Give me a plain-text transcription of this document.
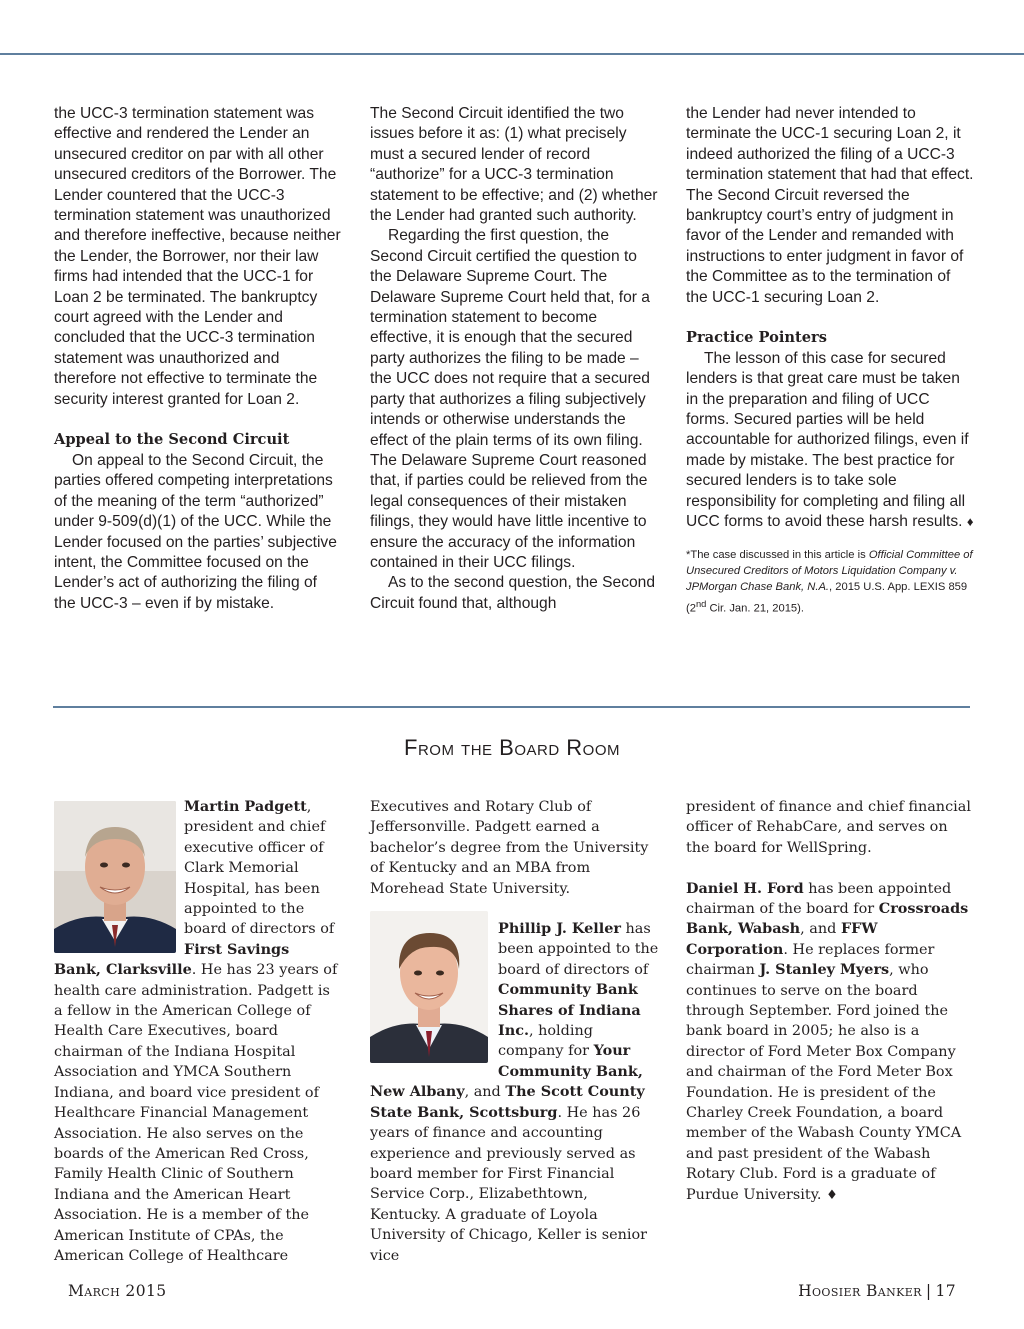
the UCC-3 termination statement was effective and rendered the Lender an unsecured creditor on par with all other unsecured creditors of the Borrower. The Lender countered that the UCC-3 termination statement was unauthorized and therefore ineffective, because neither the Lender, the Borrower, nor their law firms had intended that the UCC-1 for Loan 2 be terminated. The bankruptcy court agreed with the Lender and concluded that the UCC-3 termination statement was unauthorized and therefore not effective to terminate the security interest granted for Loan 2.

Appeal to the Second Circuit

On appeal to the Second Circuit, the parties offered competing interpretations of the meaning of the term “authorized” under 9-509(d)(1) of the UCC. While the Lender focused on the parties’ subjective intent, the Committee focused on the Lender’s act of authorizing the filing of the UCC-3 – even if by mistake.

The Second Circuit identified the two issues before it as: (1) what precisely must a secured lender of record “authorize” for a UCC-3 termination statement to be effective; and (2) whether the Lender had granted such authority.

Regarding the first question, the Second Circuit certified the question to the Delaware Supreme Court. The Delaware Supreme Court held that, for a termination statement to become effective, it is enough that the secured party authorizes the filing to be made – the UCC does not require that a secured party that authorizes a filing subjectively intends or otherwise understands the effect of the plain terms of its own filing. The Delaware Supreme Court reasoned that, if parties could be relieved from the legal consequences of their mistaken filings, they would have little incentive to ensure the accuracy of the information contained in their UCC filings.

As to the second question, the Second Circuit found that, although

the Lender had never intended to terminate the UCC-1 securing Loan 2, it indeed authorized the filing of a UCC-3 termination statement that had that effect. The Second Circuit reversed the bankruptcy court’s entry of judgment in favor of the Lender and remanded with instructions to enter judgment in favor of the Committee as to the termination of the UCC-1 securing Loan 2.

Practice Pointers

The lesson of this case for secured lenders is that great care must be taken in the preparation and filing of UCC forms. Secured parties will be held accountable for authorized filings, even if made by mistake. The best practice for secured lenders is to take sole responsibility for completing and filing all UCC forms to avoid these harsh results. ♦

*The case discussed in this article is Official Committee of Unsecured Creditors of Motors Liquidation Company v. JPMorgan Chase Bank, N.A., 2015 U.S. App. LEXIS 859 (2nd Cir. Jan. 21, 2015).

From the Board Room
Martin Padgett, president and chief executive officer of Clark Memorial Hospital, has been appointed to the board of directors of First Savings Bank, Clarksville. He has 23 years of health care administration. Padgett is a fellow in the American College of Health Care Executives, board chairman of the Indiana Hospital Association and YMCA Southern Indiana, and board vice president of Healthcare Financial Management Association. He also serves on the boards of the American Red Cross, Family Health Clinic of Southern Indiana and the American Heart Association. He is a member of the American Institute of CPAs, the American College of Healthcare

Executives and Rotary Club of Jeffersonville. Padgett earned a bachelor’s degree from the University of Kentucky and an MBA from Morehead State University.

Phillip J. Keller has been appointed to the board of directors of Community Bank Shares of Indiana Inc., holding company for Your Community Bank, New Albany, and The Scott County State Bank, Scottsburg. He has 26 years of finance and accounting experience and previously served as board member for First Financial Service Corp., Elizabethtown, Kentucky. A graduate of Loyola University of Chicago, Keller is senior vice

president of finance and chief financial officer of RehabCare, and serves on the board for WellSpring.

Daniel H. Ford has been appointed chairman of the board for Crossroads Bank, Wabash, and FFW Corporation. He replaces former chairman J. Stanley Myers, who continues to serve on the board through September. Ford joined the bank board in 2005; he also is a director of Ford Meter Box Company and chairman of the Ford Meter Box Foundation. He is president of the Charley Creek Foundation, a board member of the Wabash County YMCA and past president of the Wabash Rotary Club. Ford is a graduate of Purdue University. ♦

March 2015	Hoosier Banker | 17
